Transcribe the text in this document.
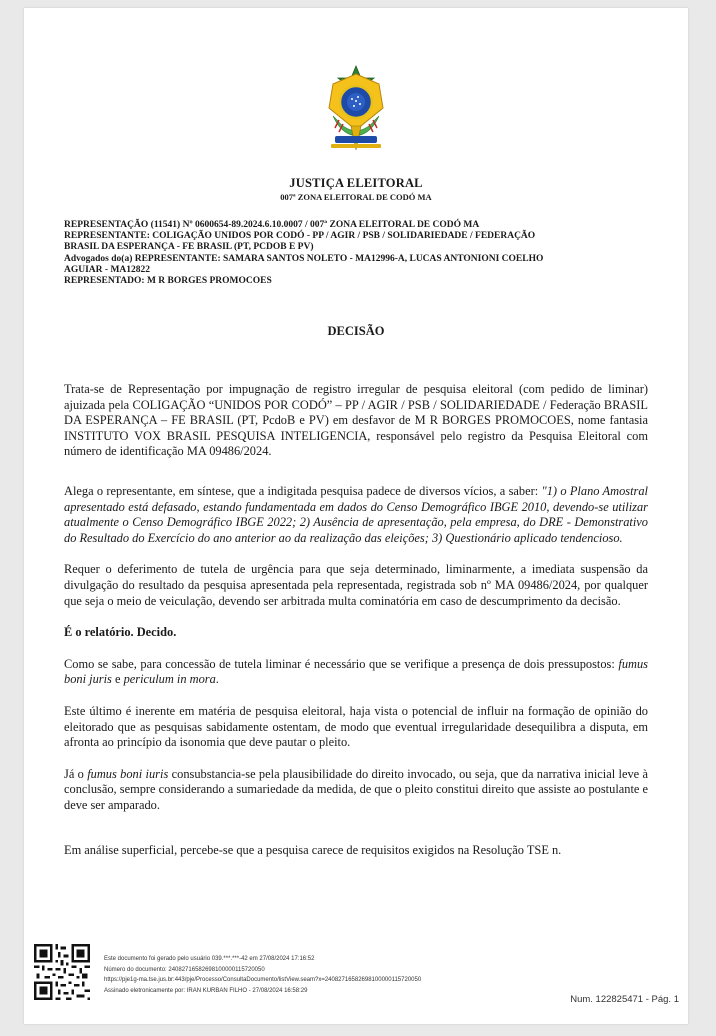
JUSTIÇA ELEITORAL
007ª ZONA ELEITORAL DE CODÓ MA
REPRESENTAÇÃO (11541) Nº 0600654-89.2024.6.10.0007 / 007ª ZONA ELEITORAL DE CODÓ MA
REPRESENTANTE: COLIGAÇÃO UNIDOS POR CODÓ - PP / AGIR / PSB / SOLIDARIEDADE / FEDERAÇÃO
BRASIL DA ESPERANÇA - FE BRASIL (PT, PCDOB E PV)
Advogados do(a) REPRESENTANTE: SAMARA SANTOS NOLETO - MA12996-A, LUCAS ANTONIONI COELHO
AGUIAR - MA12822
REPRESENTADO: M R BORGES PROMOCOES
DECISÃO

Trata-se de Representação por impugnação de registro irregular de pesquisa eleitoral (com pedido de liminar) ajuizada pela COLIGAÇÃO “UNIDOS POR CODÓ” – PP / AGIR / PSB / SOLIDARIEDADE / Federação BRASIL DA ESPERANÇA – FE BRASIL (PT, PcdoB e PV) em desfavor de M R BORGES PROMOCOES, nome fantasia INSTITUTO VOX BRASIL PESQUISA INTELIGENCIA, responsável pelo registro da Pesquisa Eleitoral com número de identificação MA 09486/2024.

Alega o representante, em síntese, que a indigitada pesquisa padece de diversos vícios, a saber: "1) o Plano Amostral apresentado está defasado, estando fundamentada em dados do Censo Demográfico IBGE 2010, devendo-se utilizar atualmente o Censo Demográfico IBGE 2022; 2) Ausência de apresentação, pela empresa, do DRE - Demonstrativo do Resultado do Exercício do ano anterior ao da realização das eleições; 3) Questionário aplicado tendencioso.

Requer o deferimento de tutela de urgência para que seja determinado, liminarmente, a imediata suspensão da divulgação do resultado da pesquisa apresentada pela representada, registrada sob nº MA 09486/2024, por qualquer que seja o meio de veiculação, devendo ser arbitrada multa cominatória em caso de descumprimento da decisão.

É o relatório. Decido.

Como se sabe, para concessão de tutela liminar é necessário que se verifique a presença de dois pressupostos: fumus boni juris e periculum in mora.

Este último é inerente em matéria de pesquisa eleitoral, haja vista o potencial de influir na formação de opinião do eleitorado que as pesquisas sabidamente ostentam, de modo que eventual irregularidade desequilibra a disputa, em afronta ao princípio da isonomia que deve pautar o pleito.

Já o fumus boni iuris consubstancia-se pela plausibilidade do direito invocado, ou seja, que da narrativa inicial leve à conclusão, sempre considerando a sumariedade da medida, de que o pleito constitui direito que assiste ao postulante e deve ser amparado.

Em análise superficial, percebe-se que a pesquisa carece de requisitos exigidos na Resolução TSE n.

Este documento foi gerado pelo usuário 039.***.***-42 em 27/08/2024 17:16:52
Número do documento: 24082716582698100000115720050
https://pje1g-ma.tse.jus.br:443/pje/Processo/ConsultaDocumento/listView.seam?x=24082716582698100000115720050
Assinado eletronicamente por: IRAN KURBAN FILHO - 27/08/2024 16:58:29
Num. 122825471 - Pág. 1
